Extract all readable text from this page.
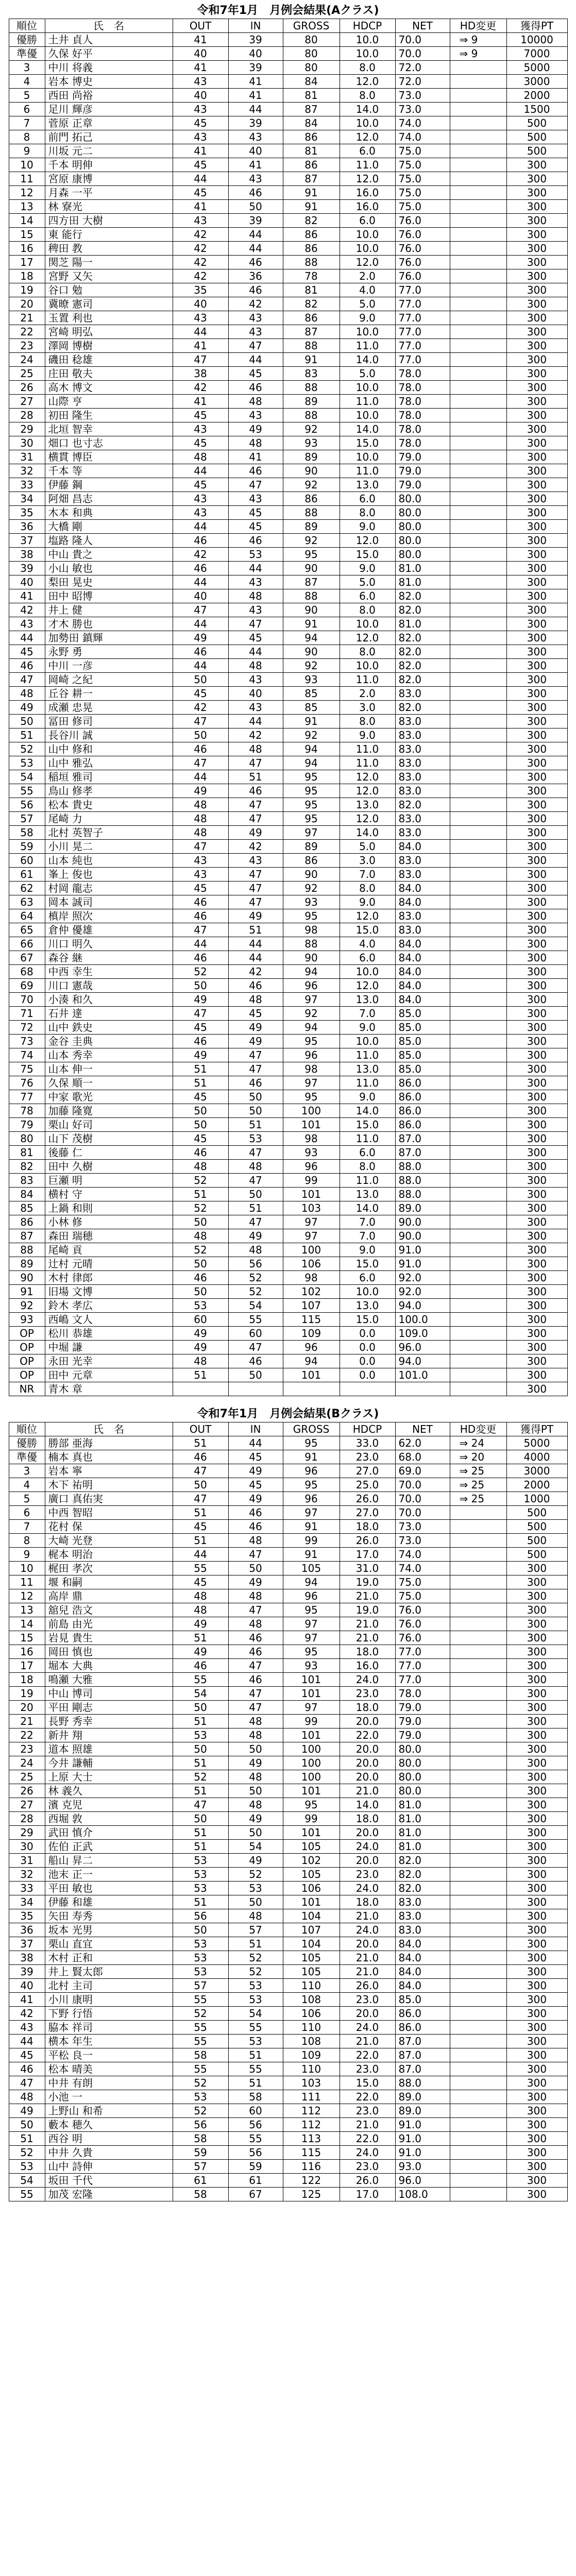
令和7年1月　月例会結果(Aクラス)
順位	氏　名	OUT	IN	GROSS	HDCP	NET	HD変更	獲得PT
優勝	土井 貞人	41	39	80	10.0	70.0	⇒ 9	10000
準優	久保 好平	40	40	80	10.0	70.0	⇒ 9	7000
3	中川 将義	41	39	80	8.0	72.0		5000
4	岩本 博史	43	41	84	12.0	72.0		3000
5	西田 尚裕	40	41	81	8.0	73.0		2000
6	足川 輝彦	43	44	87	14.0	73.0		1500
7	菅原 正章	45	39	84	10.0	74.0		500
8	前門 拓己	43	43	86	12.0	74.0		500
9	川坂 元二	41	40	81	6.0	75.0		500
10	千本 明伸	45	41	86	11.0	75.0		300
11	宮原 康博	44	43	87	12.0	75.0		300
12	月森 一平	45	46	91	16.0	75.0		300
13	林 寮光	41	50	91	16.0	75.0		300
14	四方田 大樹	43	39	82	6.0	76.0		300
15	東 能行	42	44	86	10.0	76.0		300
16	稗田 教	42	44	86	10.0	76.0		300
17	関芝 陽一	42	46	88	12.0	76.0		300
18	宮野 又矢	42	36	78	2.0	76.0		300
19	谷口 勉	35	46	81	4.0	77.0		300
20	冀暸 憲司	40	42	82	5.0	77.0		300
21	玉置 利也	43	43	86	9.0	77.0		300
22	宮崎 明弘	44	43	87	10.0	77.0		300
23	澤岡 博樹	41	47	88	11.0	77.0		300
24	磯田 稔雄	47	44	91	14.0	77.0		300
25	庄田 敬夫	38	45	83	5.0	78.0		300
26	高木 博文	42	46	88	10.0	78.0		300
27	山際 亨	41	48	89	11.0	78.0		300
28	初田 隆生	45	43	88	10.0	78.0		300
29	北垣 智幸	43	49	92	14.0	78.0		300
30	畑口 也寸志	45	48	93	15.0	78.0		300
31	横貫 博臣	48	41	89	10.0	79.0		300
32	千本 等	44	46	90	11.0	79.0		300
33	伊藤 鋼	45	47	92	13.0	79.0		300
34	阿畑 昌志	43	43	86	6.0	80.0		300
35	木本 和典	43	45	88	8.0	80.0		300
36	大橋 剛	44	45	89	9.0	80.0		300
37	塩路 隆人	46	46	92	12.0	80.0		300
38	中山 貴之	42	53	95	15.0	80.0		300
39	小山 敏也	46	44	90	9.0	81.0		300
40	梨田 晃史	44	43	87	5.0	81.0		300
41	田中 昭博	40	48	88	6.0	82.0		300
42	井上 健	47	43	90	8.0	82.0		300
43	才木 勝也	44	47	91	10.0	81.0		300
44	加勢田 鎮輝	49	45	94	12.0	82.0		300
45	永野 勇	46	44	90	8.0	82.0		300
46	中川 一彦	44	48	92	10.0	82.0		300
47	岡崎 之紀	50	43	93	11.0	82.0		300
48	丘谷 耕一	45	40	85	2.0	83.0		300
49	成瀬 忠晃	42	43	85	3.0	82.0		300
50	冨田 修司	47	44	91	8.0	83.0		300
51	長谷川 誠	50	42	92	9.0	83.0		300
52	山中 修和	46	48	94	11.0	83.0		300
53	山中 雅弘	47	47	94	11.0	83.0		300
54	稲垣 雅司	44	51	95	12.0	83.0		300
55	鳥山 修孝	49	46	95	12.0	83.0		300
56	松本 貴史	48	47	95	13.0	82.0		300
57	尾崎 力	48	47	95	12.0	83.0		300
58	北村 英智子	48	49	97	14.0	83.0		300
59	小川 晃二	47	42	89	5.0	84.0		300
60	山本 純也	43	43	86	3.0	83.0		300
61	峯上 俊也	43	47	90	7.0	83.0		300
62	村岡 龍志	45	47	92	8.0	84.0		300
63	岡本 誠司	46	47	93	9.0	84.0		300
64	槙岸 照次	46	49	95	12.0	83.0		300
65	倉仲 優雄	47	51	98	15.0	83.0		300
66	川口 明久	44	44	88	4.0	84.0		300
67	森谷 継	46	44	90	6.0	84.0		300
68	中西 幸生	52	42	94	10.0	84.0		300
69	川口 憲哉	50	46	96	12.0	84.0		300
70	小湊 和久	49	48	97	13.0	84.0		300
71	石井 達	47	45	92	7.0	85.0		300
72	山中 鉄史	45	49	94	9.0	85.0		300
73	金谷 圭典	46	49	95	10.0	85.0		300
74	山本 秀幸	49	47	96	11.0	85.0		300
75	山本 伸一	51	47	98	13.0	85.0		300
76	久保 順一	51	46	97	11.0	86.0		300
77	中家 歌光	45	50	95	9.0	86.0		300
78	加藤 隆寛	50	50	100	14.0	86.0		300
79	栗山 好司	50	51	101	15.0	86.0		300
80	山下 茂樹	45	53	98	11.0	87.0		300
81	後藤 仁	46	47	93	6.0	87.0		300
82	田中 久樹	48	48	96	8.0	88.0		300
83	巨瀬 明	52	47	99	11.0	88.0		300
84	横村 守	51	50	101	13.0	88.0		300
85	上鍋 和則	52	51	103	14.0	89.0		300
86	小林 修	50	47	97	7.0	90.0		300
87	森田 瑞穂	48	49	97	7.0	90.0		300
88	尾崎 貢	52	48	100	9.0	91.0		300
89	辻村 元晴	50	56	106	15.0	91.0		300
90	木村 律郎	46	52	98	6.0	92.0		300
91	旧場 文博	50	52	102	10.0	92.0		300
92	鈴木 孝広	53	54	107	13.0	94.0		300
93	西嶋 文人	60	55	115	15.0	100.0		300
OP	松川 恭雄	49	60	109	0.0	109.0		300
OP	中堀 謙	49	47	96	0.0	96.0		300
OP	永田 光幸	48	46	94	0.0	94.0		300
OP	田中 元章	51	50	101	0.0	101.0		300
NR	青木 章							300
令和7年1月　月例会結果(Bクラス)
順位	氏　名	OUT	IN	GROSS	HDCP	NET	HD変更	獲得PT
優勝	勝部 亜海	51	44	95	33.0	62.0	⇒ 24	5000
準優	楠本 真也	46	45	91	23.0	68.0	⇒ 20	4000
3	岩本 寧	47	49	96	27.0	69.0	⇒ 25	3000
4	木下 祐明	50	45	95	25.0	70.0	⇒ 25	2000
5	廣口 真佑実	47	49	96	26.0	70.0	⇒ 25	1000
6	中西 智昭	51	46	97	27.0	70.0		500
7	花村 保	45	46	91	18.0	73.0		500
8	大崎 光登	51	48	99	26.0	73.0		500
9	梶本 明治	44	47	91	17.0	74.0		500
10	梶田 孝次	55	50	105	31.0	74.0		300
11	堰 和嗣	45	49	94	19.0	75.0		300
12	高岸 鼎	48	48	96	21.0	75.0		300
13	舘兒 浩文	48	47	95	19.0	76.0		300
14	前島 由光	49	48	97	21.0	76.0		300
15	岩見 貴生	51	46	97	21.0	76.0		300
16	岡田 慎也	49	46	95	18.0	77.0		300
17	堀本 大典	46	47	93	16.0	77.0		300
18	鳴瀬 大雅	55	46	101	24.0	77.0		300
19	中山 博司	54	47	101	23.0	78.0		300
20	平田 剛志	50	47	97	18.0	79.0		300
21	長野 秀幸	51	48	99	20.0	79.0		300
22	新井 翔	53	48	101	22.0	79.0		300
23	道本 照雄	50	50	100	20.0	80.0		300
24	今井 謙輔	51	49	100	20.0	80.0		300
25	上原 大士	52	48	100	20.0	80.0		300
26	林 義久	51	50	101	21.0	80.0		300
27	濱 克児	47	48	95	14.0	81.0		300
28	西堀 敦	50	49	99	18.0	81.0		300
29	武田 慎介	51	50	101	20.0	81.0		300
30	佐伯 正武	51	54	105	24.0	81.0		300
31	船山 昇二	53	49	102	20.0	82.0		300
32	池末 正一	53	52	105	23.0	82.0		300
33	平田 敏也	53	53	106	24.0	82.0		300
34	伊藤 和雄	51	50	101	18.0	83.0		300
35	矢田 寿秀	56	48	104	21.0	83.0		300
36	坂本 光男	50	57	107	24.0	83.0		300
37	栗山 直宜	53	51	104	20.0	84.0		300
38	木村 正和	53	52	105	21.0	84.0		300
39	井上 賢太郎	53	52	105	21.0	84.0		300
40	北村 主司	57	53	110	26.0	84.0		300
41	小川 康明	55	53	108	23.0	85.0		300
42	下野 行悟	52	54	106	20.0	86.0		300
43	脇本 祥司	55	55	110	24.0	86.0		300
44	横本 年生	55	53	108	21.0	87.0		300
45	平松 良一	58	51	109	22.0	87.0		300
46	松本 晴美	55	55	110	23.0	87.0		300
47	中井 有朗	52	51	103	15.0	88.0		300
48	小池 一	53	58	111	22.0	89.0		300
49	上野山 和希	52	60	112	23.0	89.0		300
50	藪本 穂久	56	56	112	21.0	91.0		300
51	西谷 明	58	55	113	22.0	91.0		300
52	中井 久貴	59	56	115	24.0	91.0		300
53	山中 詩伸	57	59	116	23.0	93.0		300
54	坂田 千代	61	61	122	26.0	96.0		300
55	加茂 宏隆	58	67	125	17.0	108.0		300
